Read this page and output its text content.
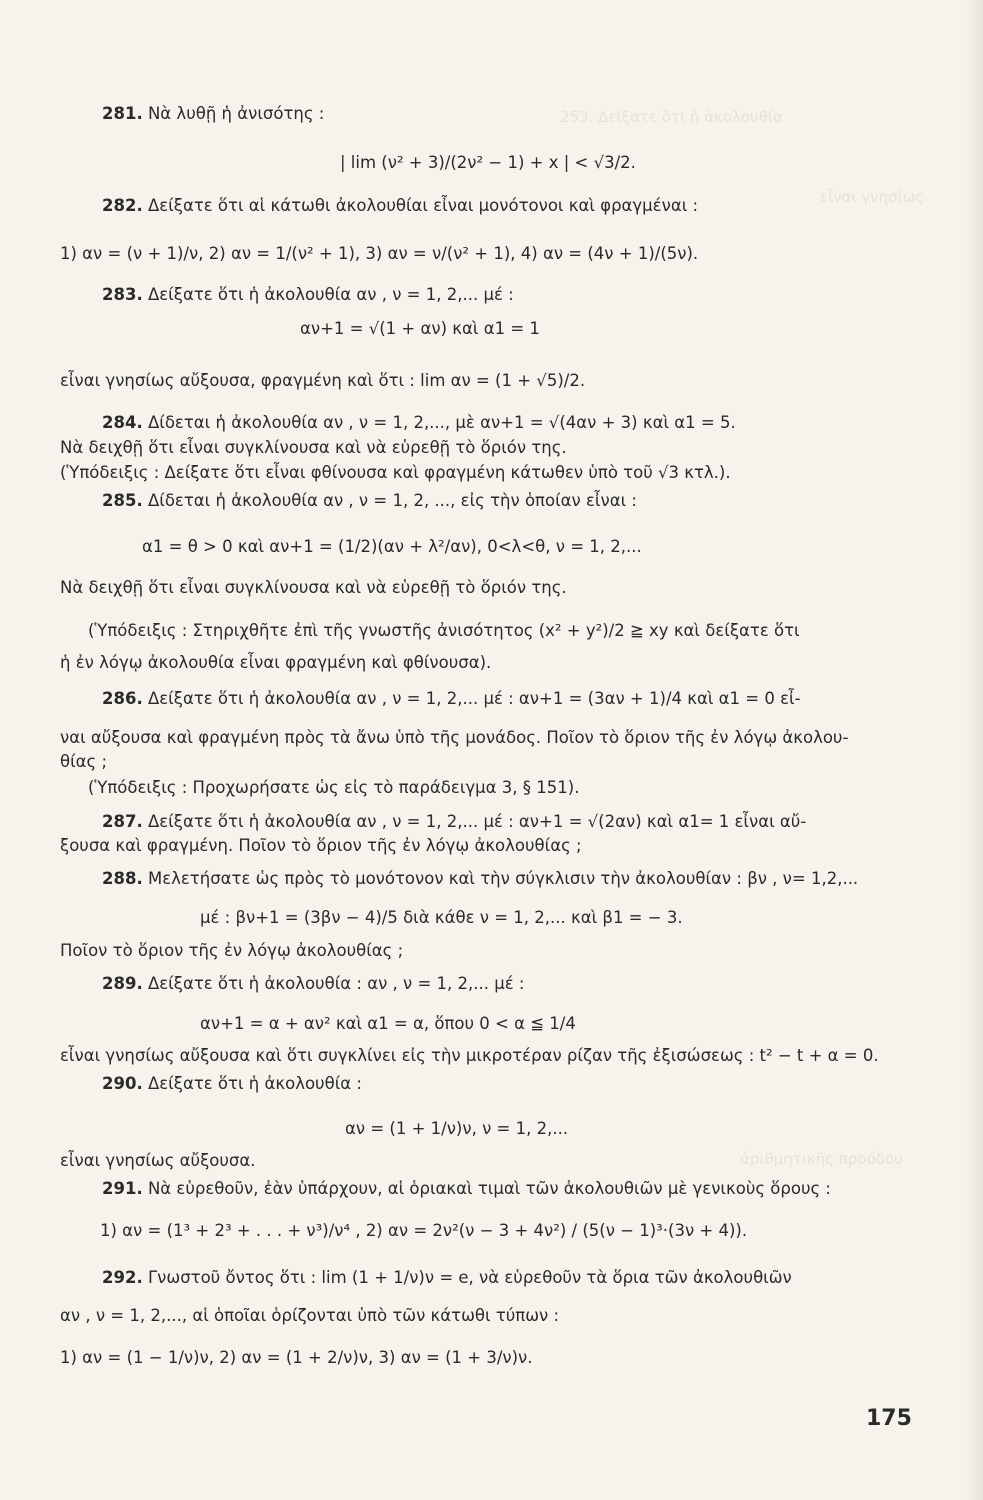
253. Δείξατε ὅτι ἡ ἀκολουθία
εἶναι γνησίως
ἀριθμητικῆς προόδου
281. Νὰ λυθῇ ἡ ἀνισότης :
| lim (ν² + 3)/(2ν² − 1) + x | < √3/2.
282. Δείξατε ὅτι αἱ κάτωθι ἀκολουθίαι εἶναι μονότονοι καὶ φραγμέναι :
1) αν = (ν + 1)/ν, 2) αν = 1/(ν² + 1), 3) αν = ν/(ν² + 1), 4) αν = (4ν + 1)/(5ν).
283. Δείξατε ὅτι ἡ ἀκολουθία αν , ν = 1, 2,... μέ :
αν+1 = √(1 + αν) καὶ α1 = 1
εἶναι γνησίως αὔξουσα, φραγμένη καὶ ὅτι : lim αν = (1 + √5)/2.
284. Δίδεται ἡ ἀκολουθία αν , ν = 1, 2,..., μὲ αν+1 = √(4αν + 3) καὶ α1 = 5.
Νὰ δειχθῇ ὅτι εἶναι συγκλίνουσα καὶ νὰ εὑρεθῇ τὸ ὅριόν της.
(Ὑπόδειξις : Δείξατε ὅτι εἶναι φθίνουσα καὶ φραγμένη κάτωθεν ὑπὸ τοῦ √3 κτλ.).
285. Δίδεται ἡ ἀκολουθία αν , ν = 1, 2, ..., εἰς τὴν ὁποίαν εἶναι :
α1 = θ > 0 καὶ αν+1 = (1/2)(αν + λ²/αν), 0<λ<θ, ν = 1, 2,...
Νὰ δειχθῇ ὅτι εἶναι συγκλίνουσα καὶ νὰ εὑρεθῇ τὸ ὅριόν της.
(Ὑπόδειξις : Στηριχθῆτε ἐπὶ τῆς γνωστῆς ἀνισότητος (x² + y²)/2 ≧ xy καὶ δείξατε ὅτι
ἡ ἐν λόγῳ ἀκολουθία εἶναι φραγμένη καὶ φθίνουσα).
286. Δείξατε ὅτι ἡ ἀκολουθία αν , ν = 1, 2,... μέ : αν+1 = (3αν + 1)/4 καὶ α1 = 0 εἶ-
ναι αὔξουσα καὶ φραγμένη πρὸς τὰ ἄνω ὑπὸ τῆς μονάδος. Ποῖον τὸ ὅριον τῆς ἐν λόγῳ ἀκολου-
θίας ;
(Ὑπόδειξις : Προχωρήσατε ὡς εἰς τὸ παράδειγμα 3, § 151).
287. Δείξατε ὅτι ἡ ἀκολουθία αν , ν = 1, 2,... μέ : αν+1 = √(2αν) καὶ α1= 1 εἶναι αὔ-
ξουσα καὶ φραγμένη. Ποῖον τὸ ὅριον τῆς ἐν λόγῳ ἀκολουθίας ;
288. Μελετήσατε ὡς πρὸς τὸ μονότονον καὶ τὴν σύγκλισιν τὴν ἀκολουθίαν : βν , ν= 1,2,...
μέ : βν+1 = (3βν − 4)/5 διὰ κάθε ν = 1, 2,... καὶ β1 = − 3.
Ποῖον τὸ ὅριον τῆς ἐν λόγῳ ἀκολουθίας ;
289. Δείξατε ὅτι ἡ ἀκολουθία : αν , ν = 1, 2,... μέ :
αν+1 = α + αν² καὶ α1 = α, ὅπου 0 < α ≦ 1/4
εἶναι γνησίως αὔξουσα καὶ ὅτι συγκλίνει εἰς τὴν μικροτέραν ρίζαν τῆς ἐξισώσεως : t² − t + α = 0.
290. Δείξατε ὅτι ἡ ἀκολουθία :
αν = (1 + 1/ν)ν, ν = 1, 2,...
εἶναι γνησίως αὔξουσα.
291. Νὰ εὑρεθοῦν, ἐὰν ὑπάρχουν, αἱ ὁριακαὶ τιμαὶ τῶν ἀκολουθιῶν μὲ γενικοὺς ὅρους :
1) αν = (1³ + 2³ + . . . + ν³)/ν⁴ , 2) αν = 2ν²(ν − 3 + 4ν²) / (5(ν − 1)³·(3ν + 4)).
292. Γνωστοῦ ὄντος ὅτι : lim (1 + 1/ν)ν = e, νὰ εὑρεθοῦν τὰ ὅρια τῶν ἀκολουθιῶν
αν , ν = 1, 2,..., αἱ ὁποῖαι ὁρίζονται ὑπὸ τῶν κάτωθι τύπων :
1) αν = (1 − 1/ν)ν, 2) αν = (1 + 2/ν)ν, 3) αν = (1 + 3/ν)ν.
175
